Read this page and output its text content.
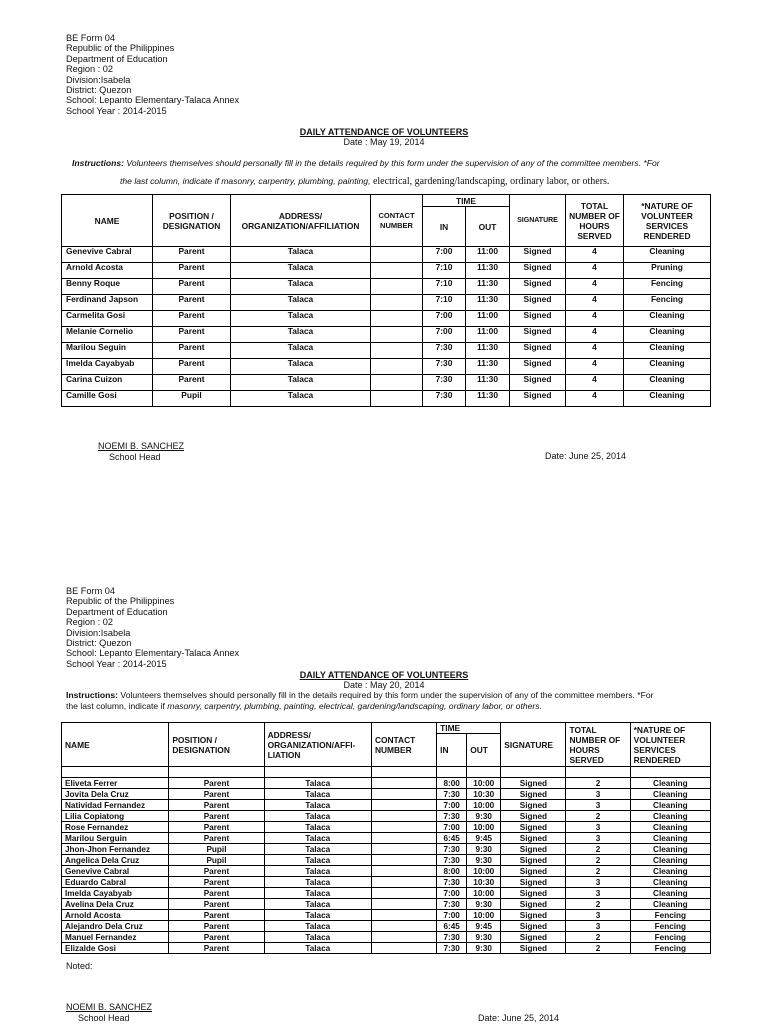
BE Form 04
Republic of the Philippines
Department of Education
Region : 02
Division:Isabela
District: Quezon
School: Lepanto Elementary-Talaca Annex
School Year : 2014-2015
DAILY ATTENDANCE OF VOLUNTEERS
Date : May 19, 2014
Instructions: Volunteers themselves should personally fill in the details required by this form under the supervision of any of the committee members. *For
the last column, indicate if masonry, carpentry, plumbing, painting, electrical, gardening/landscaping, ordinary labor, or others.
NAME	POSITION / DESIGNATION	ADDRESS/ ORGANIZATION/AFFILIATION	CONTACT NUMBER	TIME		SIGNATURE	TOTAL NUMBER OF HOURS SERVED	*NATURE OF VOLUNTEER SERVICES RENDERED
				IN	OUT			
Genevive Cabral	Parent	Talaca		7:00	11:00	Signed	4	Cleaning
Arnold Acosta	Parent	Talaca		7:10	11:30	Signed	4	Pruning
Benny Roque	Parent	Talaca		7:10	11:30	Signed	4	Fencing
Ferdinand Japson	Parent	Talaca		7:10	11:30	Signed	4	Fencing
Carmelita Gosi	Parent	Talaca		7:00	11:00	Signed	4	Cleaning
Melanie Cornelio	Parent	Talaca		7:00	11:00	Signed	4	Cleaning
Marilou Seguin	Parent	Talaca		7:30	11:30	Signed	4	Cleaning
Imelda Cayabyab	Parent	Talaca		7:30	11:30	Signed	4	Cleaning
Carina Cuizon	Parent	Talaca		7:30	11:30	Signed	4	Cleaning
Camille Gosi	Pupil	Talaca		7:30	11:30	Signed	4	Cleaning
NOEMI B. SANCHEZ
School Head	Date: June 25, 2014
BE Form 04
Republic of the Philippines
Department of Education
Region : 02
Division:Isabela
District: Quezon
School: Lepanto Elementary-Talaca Annex
School Year : 2014-2015
DAILY ATTENDANCE OF VOLUNTEERS
Date : May 20, 2014
Instructions: Volunteers themselves should personally fill in the details required by this form under the supervision of any of the committee members. *For
the last column, indicate if masonry, carpentry, plumbing, painting, electrical, gardening/landscaping, ordinary labor, or others.
NAME	POSITION / DESIGNATION	ADDRESS/ ORGANIZATION/AFFI-LIATION	CONTACT NUMBER	TIME		SIGNATURE	TOTAL NUMBER OF HOURS SERVED	*NATURE OF VOLUNTEER SERVICES RENDERED
				IN	OUT			

Eliveta Ferrer	Parent	Talaca		8:00	10:00	Signed	2	Cleaning
Jovita Dela Cruz	Parent	Talaca		7:30	10:30	Signed	3	Cleaning
Natividad Fernandez	Parent	Talaca		7:00	10:00	Signed	3	Cleaning
Lilia Copiatong	Parent	Talaca		7:30	9:30	Signed	2	Cleaning
Rose Fernandez	Parent	Talaca		7:00	10:00	Signed	3	Cleaning
Marilou Serguin	Parent	Talaca		6:45	9:45	Signed	3	Cleaning
Jhon-Jhon Fernandez	Pupil	Talaca		7:30	9:30	Signed	2	Cleaning
Angelica Dela Cruz	Pupil	Talaca		7:30	9:30	Signed	2	Cleaning
Genevive Cabral	Parent	Talaca		8:00	10:00	Signed	2	Cleaning
Eduardo Cabral	Parent	Talaca		7:30	10:30	Signed	3	Cleaning
Imelda Cayabyab	Parent	Talaca		7:00	10:00	Signed	3	Cleaning
Avelina Dela Cruz	Parent	Talaca		7:30	9:30	Signed	2	Cleaning
Arnold Acosta	Parent	Talaca		7:00	10:00	Signed	3	Fencing
Alejandro Dela Cruz	Parent	Talaca		6:45	9:45	Signed	3	Fencing
Manuel Fernandez	Parent	Talaca		7:30	9:30	Signed	2	Fencing
Elizalde Gosi	Parent	Talaca		7:30	9:30	Signed	2	Fencing
Noted:
NOEMI B. SANCHEZ
School Head	Date: June 25, 2014
